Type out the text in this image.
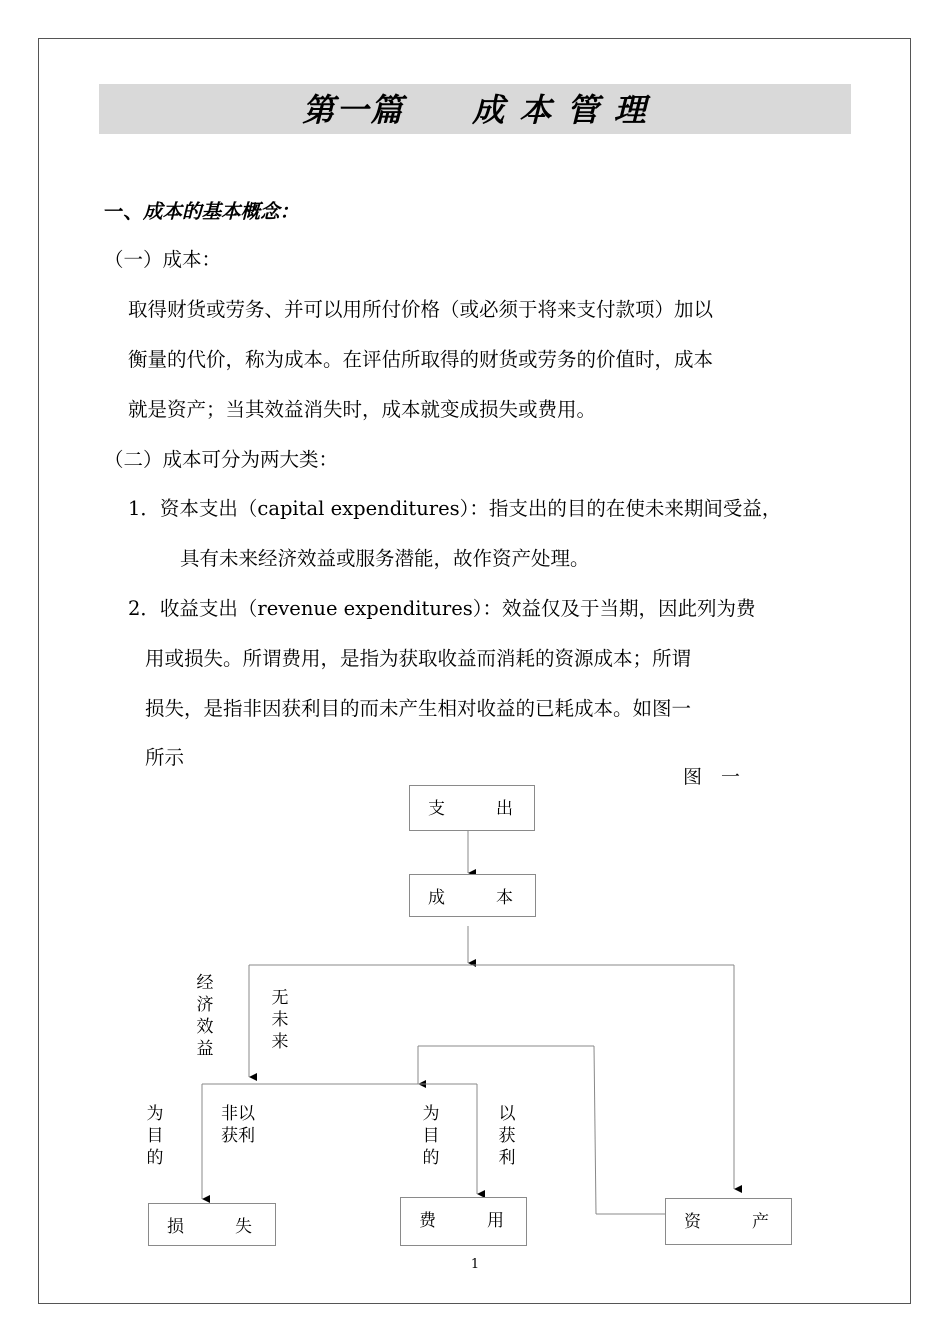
第一篇　　成 本 管 理
一、成本的基本概念：
（一）成本：
取得财货或劳务、并可以用所付价格（或必须于将来支付款项）加以
衡量的代价，称为成本。在评估所取得的财货或劳务的价值时，成本
就是资产；当其效益消失时，成本就变成损失或费用。
（二）成本可分为两大类：
1．资本支出（capital expenditures）：指支出的目的在使未来期间受益，
具有未来经济效益或服务潜能，故作资产处理。
2．收益支出（revenue expenditures）：效益仅及于当期，因此列为费
用或损失。所谓费用，是指为获取收益而消耗的资源成本；所谓
损失，是指非因获利目的而未产生相对收益的已耗成本。如图一
所示
图　一
支	出
成	本
损	失	费	用	资	产
经济效益
无未来
为目的
非以
获利
为目的
以获利
1
